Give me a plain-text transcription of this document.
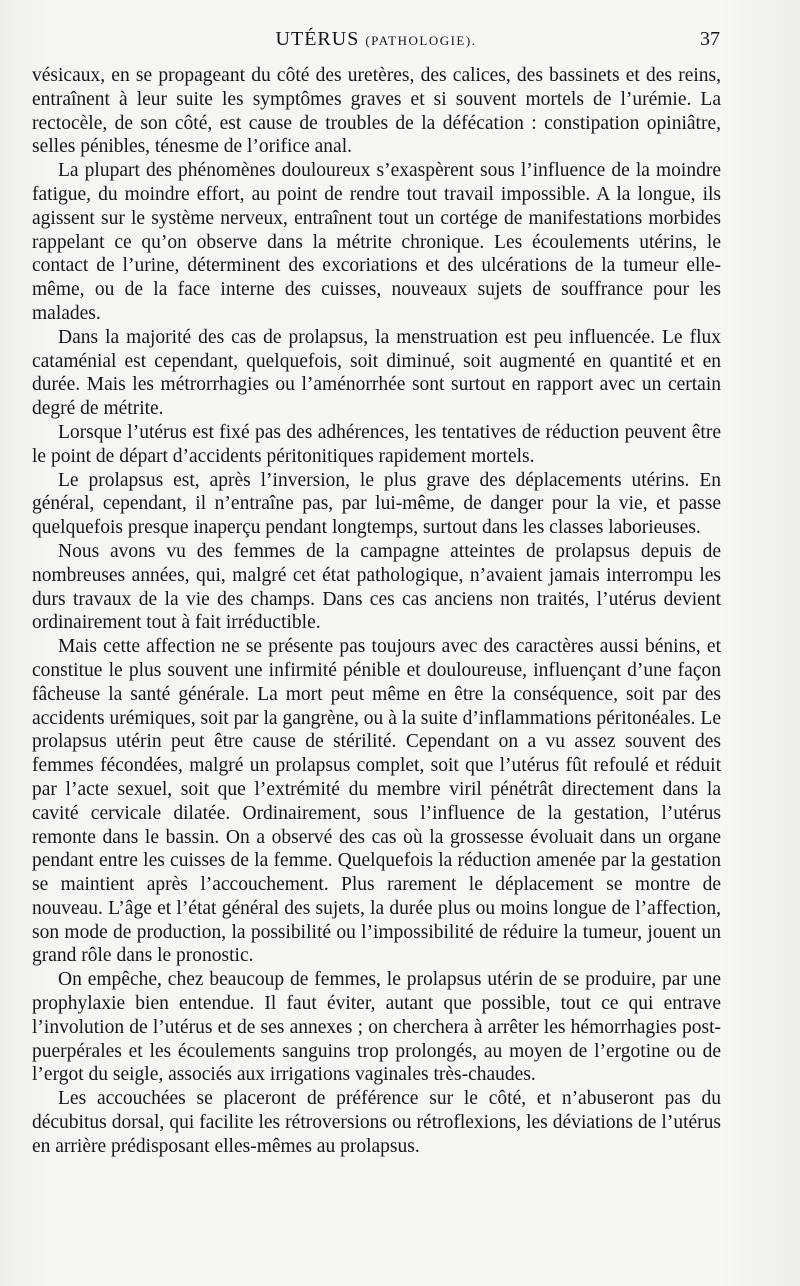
UTÉRUS (PATHOLOGIE).	37

vésicaux, en se propageant du côté des uretères, des calices, des bassinets et des reins, entraînent à leur suite les symptômes graves et si souvent mortels de l’urémie. La rectocèle, de son côté, est cause de troubles de la défécation : constipation opiniâtre, selles pénibles, ténesme de l’orifice anal.

La plupart des phénomènes douloureux s’exaspèrent sous l’influence de la moindre fatigue, du moindre effort, au point de rendre tout travail impossible. A la longue, ils agissent sur le système nerveux, entraînent tout un cortége de manifestations morbides rappelant ce qu’on observe dans la métrite chronique. Les écoulements utérins, le contact de l’urine, déterminent des excoriations et des ulcérations de la tumeur elle-même, ou de la face interne des cuisses, nouveaux sujets de souffrance pour les malades.

Dans la majorité des cas de prolapsus, la menstruation est peu influencée. Le flux cataménial est cependant, quelquefois, soit diminué, soit augmenté en quantité et en durée. Mais les métrorrhagies ou l’aménorrhée sont surtout en rapport avec un certain degré de métrite.

Lorsque l’utérus est fixé pas des adhérences, les tentatives de réduction peuvent être le point de départ d’accidents péritonitiques rapidement mortels.

Le prolapsus est, après l’inversion, le plus grave des déplacements utérins. En général, cependant, il n’entraîne pas, par lui-même, de danger pour la vie, et passe quelquefois presque inaperçu pendant longtemps, surtout dans les classes laborieuses.

Nous avons vu des femmes de la campagne atteintes de prolapsus depuis de nombreuses années, qui, malgré cet état pathologique, n’avaient jamais interrompu les durs travaux de la vie des champs. Dans ces cas anciens non traités, l’utérus devient ordinairement tout à fait irréductible.

Mais cette affection ne se présente pas toujours avec des caractères aussi bénins, et constitue le plus souvent une infirmité pénible et douloureuse, influençant d’une façon fâcheuse la santé générale. La mort peut même en être la conséquence, soit par des accidents urémiques, soit par la gangrène, ou à la suite d’inflammations péritonéales. Le prolapsus utérin peut être cause de stérilité. Cependant on a vu assez souvent des femmes fécondées, malgré un prolapsus complet, soit que l’utérus fût refoulé et réduit par l’acte sexuel, soit que l’extrémité du membre viril pénétrât directement dans la cavité cervicale dilatée. Ordinairement, sous l’influence de la gestation, l’utérus remonte dans le bassin. On a observé des cas où la grossesse évoluait dans un organe pendant entre les cuisses de la femme. Quelquefois la réduction amenée par la gestation se maintient après l’accouchement. Plus rarement le déplacement se montre de nouveau. L’âge et l’état général des sujets, la durée plus ou moins longue de l’affection, son mode de production, la possibilité ou l’impossibilité de réduire la tumeur, jouent un grand rôle dans le pronostic.

On empêche, chez beaucoup de femmes, le prolapsus utérin de se produire, par une prophylaxie bien entendue. Il faut éviter, autant que possible, tout ce qui entrave l’involution de l’utérus et de ses annexes ; on cherchera à arrêter les hémorrhagies post-puerpérales et les écoulements sanguins trop prolongés, au moyen de l’ergotine ou de l’ergot du seigle, associés aux irrigations vaginales très-chaudes.

Les accouchées se placeront de préférence sur le côté, et n’abuseront pas du décubitus dorsal, qui facilite les rétroversions ou rétroflexions, les déviations de l’utérus en arrière prédisposant elles-mêmes au prolapsus.
